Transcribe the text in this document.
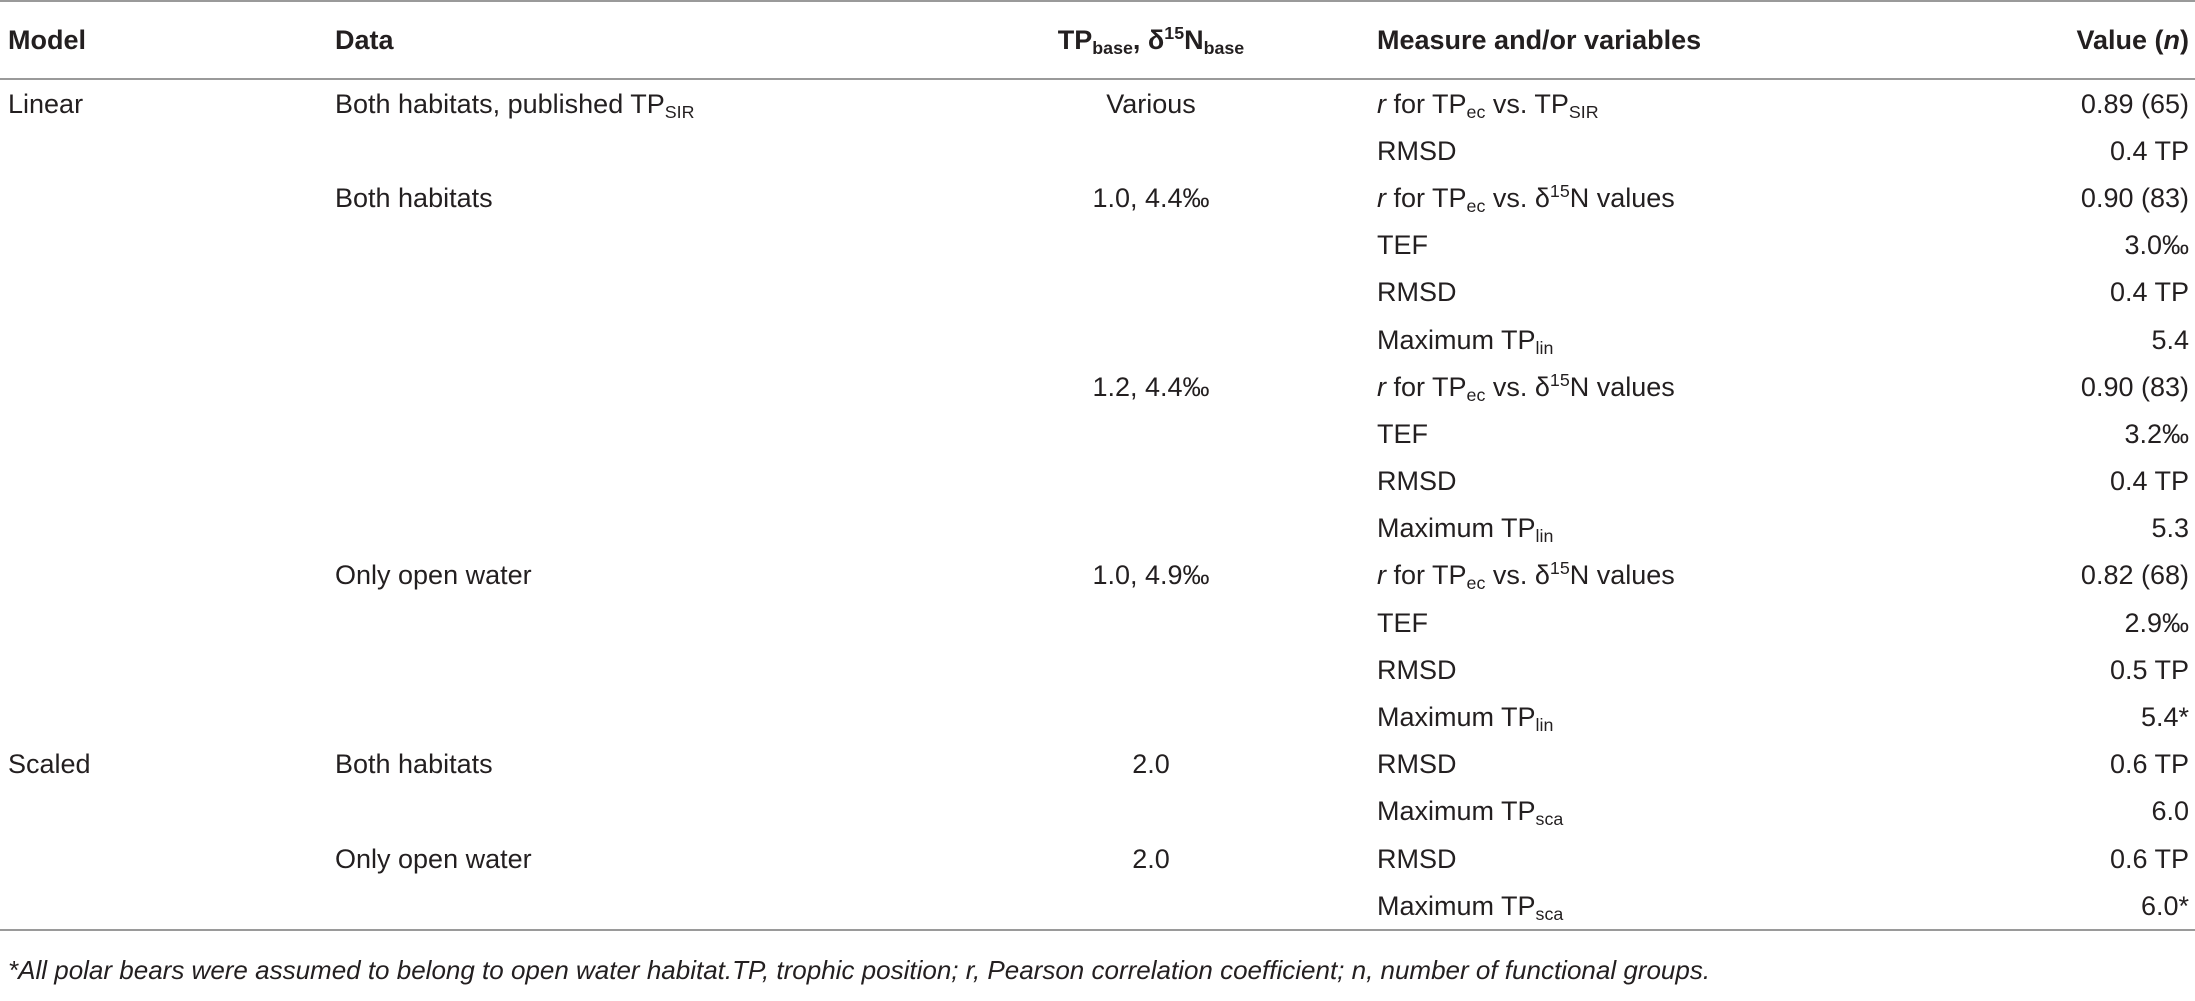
Model	Data	$TP_{base}$, $\delta^{15}N_{base}$	Measure and/or variables	Value (n)
Linear	Both habitats, published $TP_{SIR}$	Various	r for $TP_{ec}$ vs. $TP_{SIR}$	0.89 (65)
			RMSD	0.4 TP
	Both habitats	1.0, 4.4‰	r for $TP_{ec}$ vs. $\delta^{15}N$ values	0.90 (83)
			TEF	3.0‰
			RMSD	0.4 TP
			Maximum $TP_{lin}$	5.4
		1.2, 4.4‰	r for $TP_{ec}$ vs. $\delta^{15}N$ values	0.90 (83)
			TEF	3.2‰
			RMSD	0.4 TP
			Maximum $TP_{lin}$	5.3
	Only open water	1.0, 4.9‰	r for $TP_{ec}$ vs. $\delta^{15}N$ values	0.82 (68)
			TEF	2.9‰
			RMSD	0.5 TP
			Maximum $TP_{lin}$	5.4*
Scaled	Both habitats	2.0	RMSD	0.6 TP
			Maximum $TP_{sca}$	6.0
	Only open water	2.0	RMSD	0.6 TP
			Maximum $TP_{sca}$	6.0*
*All polar bears were assumed to belong to open water habitat.TP, trophic position; r, Pearson correlation coefficient; n, number of functional groups.
